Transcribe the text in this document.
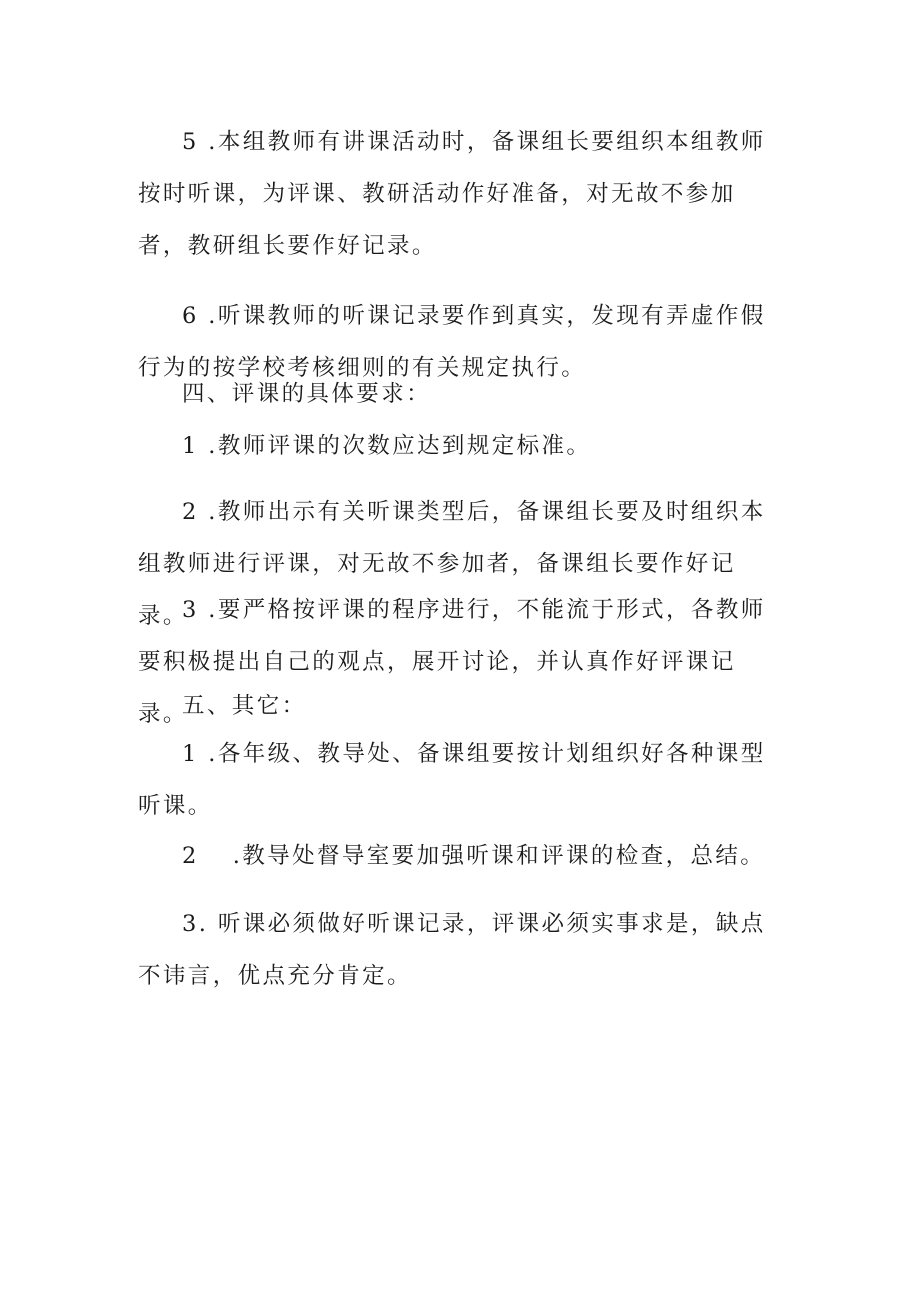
5 .本组教师有讲课活动时，备课组长要组织本组教师按时听课，为评课、教研活动作好准备，对无故不参加者，教研组长要作好记录。

6 .听课教师的听课记录要作到真实，发现有弄虚作假行为的按学校考核细则的有关规定执行。

四、评课的具体要求：

1 .教师评课的次数应达到规定标准。

2 .教师出示有关听课类型后，备课组长要及时组织本组教师进行评课，对无故不参加者，备课组长要作好记录。

3 .要严格按评课的程序进行，不能流于形式，各教师要积极提出自己的观点，展开讨论，并认真作好评课记录。

五、其它：

1 .各年级、教导处、备课组要按计划组织好各种课型听课。

2 .教导处督导室要加强听课和评课的检查，总结。

3. 听课必须做好听课记录，评课必须实事求是，缺点不讳言，优点充分肯定。
